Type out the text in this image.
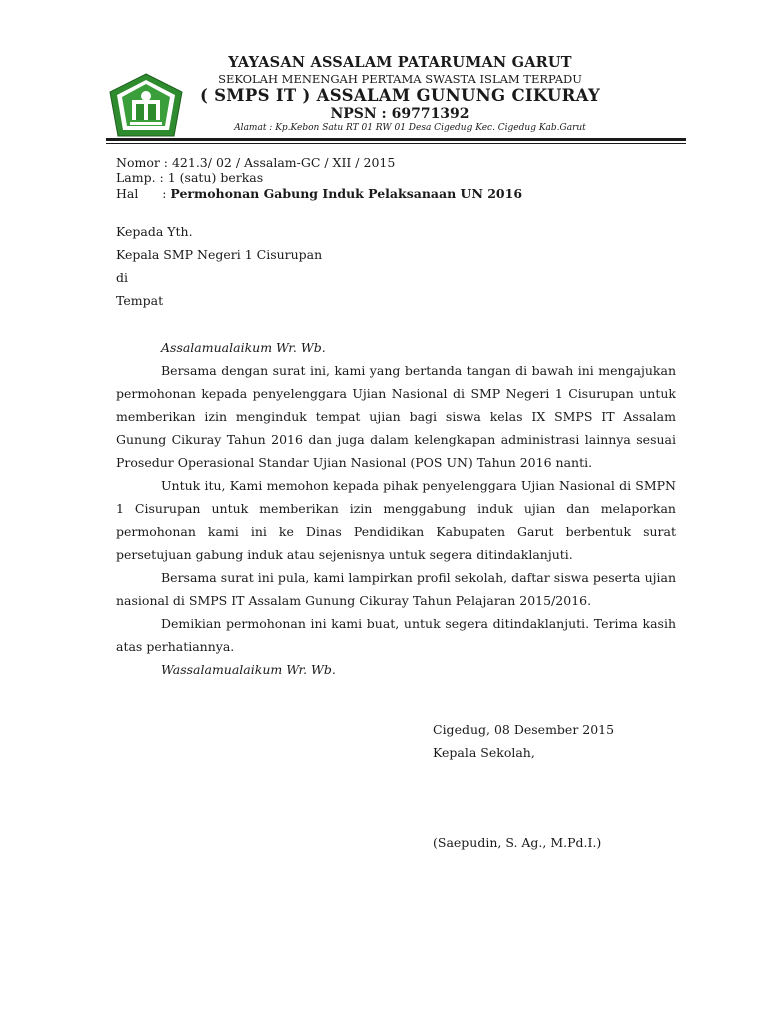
YAYASAN ASSALAM PATARUMAN GARUT
SEKOLAH MENENGAH PERTAMA SWASTA ISLAM TERPADU
( SMPS IT ) ASSALAM GUNUNG CIKURAY
NPSN : 69771392
Alamat : Kp.Kebon Satu RT 01 RW 01 Desa Cigedug Kec. Cigedug Kab.Garut
Nomor : 421.3/ 02 / Assalam-GC / XII / 2015
Lamp. : 1 (satu) berkas
Hal      : Permohonan Gabung Induk Pelaksanaan UN 2016
Kepada Yth.
Kepala SMP Negeri 1 Cisurupan
di
Tempat

Assalamualaikum Wr. Wb.

Bersama dengan surat ini, kami yang bertanda tangan di bawah ini mengajukan permohonan kepada penyelenggara Ujian Nasional di SMP Negeri 1 Cisurupan untuk memberikan izin menginduk tempat ujian bagi siswa kelas IX SMPS IT Assalam Gunung Cikuray Tahun 2016 dan juga dalam kelengkapan administrasi lainnya sesuai Prosedur Operasional Standar Ujian Nasional (POS UN) Tahun 2016 nanti.

Untuk itu, Kami memohon kepada pihak penyelenggara Ujian Nasional di SMPN 1 Cisurupan untuk memberikan izin menggabung induk ujian dan melaporkan permohonan kami ini ke Dinas Pendidikan Kabupaten Garut berbentuk surat persetujuan gabung induk atau sejenisnya untuk segera ditindaklanjuti.

Bersama surat ini pula, kami lampirkan profil sekolah, daftar siswa peserta ujian nasional di SMPS IT Assalam Gunung Cikuray Tahun Pelajaran 2015/2016.

Demikian permohonan ini kami buat, untuk segera ditindaklanjuti. Terima kasih atas perhatiannya.

Wassalamualaikum Wr. Wb.

Cigedug, 08 Desember 2015
Kepala Sekolah,
(Saepudin, S. Ag., M.Pd.I.)
